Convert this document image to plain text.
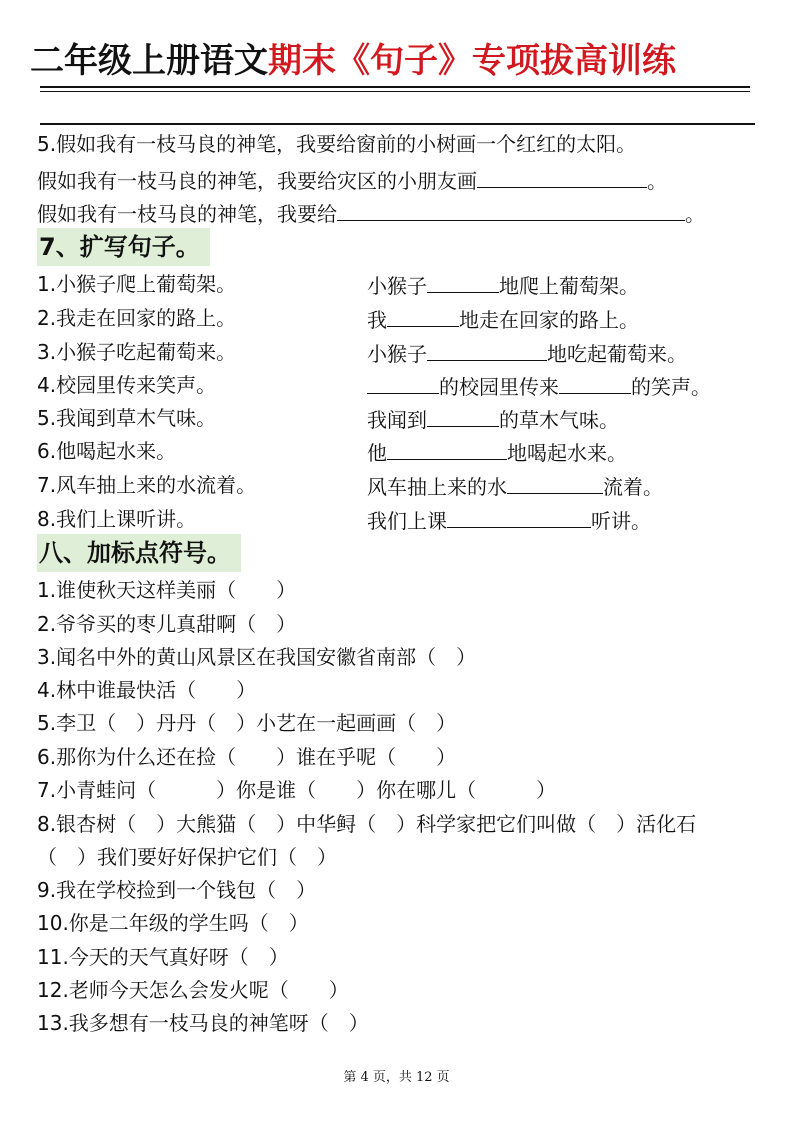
二年级上册语文期末《句子》专项拔高训练
5.假如我有一枝马良的神笔，我要给窗前的小树画一个红红的太阳。
假如我有一枝马良的神笔，我要给灾区的小朋友画	。
假如我有一枝马良的神笔，我要给	。
7、扩写句子。
1.小猴子爬上葡萄架。	小猴子	地爬上葡萄架。
2.我走在回家的路上。	我	地走在回家的路上。
3.小猴子吃起葡萄来。	小猴子	地吃起葡萄来。
4.校园里传来笑声。	的校园里传来	的笑声。
5.我闻到草木气味。	我闻到	的草木气味。
6.他喝起水来。	他	地喝起水来。
7.风车抽上来的水流着。	风车抽上来的水	流着。
8.我们上课听讲。	我们上课	听讲。
八、加标点符号。
1.谁使秋天这样美丽（　　）
2.爷爷买的枣儿真甜啊（　）
3.闻名中外的黄山风景区在我国安徽省南部（　）
4.林中谁最快活（　　）
5.李卫（　）丹丹（　）小艺在一起画画（　）
6.那你为什么还在捡（　　）谁在乎呢（　　）
7.小青蛙问（　　　）你是谁（　　）你在哪儿（　　　）
8.银杏树（　）大熊猫（　）中华鲟（　）科学家把它们叫做（　）活化石
（　）我们要好好保护它们（　）
9.我在学校捡到一个钱包（　）
10.你是二年级的学生吗（　）
11.今天的天气真好呀（　）
12.老师今天怎么会发火呢（　　）
13.我多想有一枝马良的神笔呀（　）
第 4 页，共 12 页
